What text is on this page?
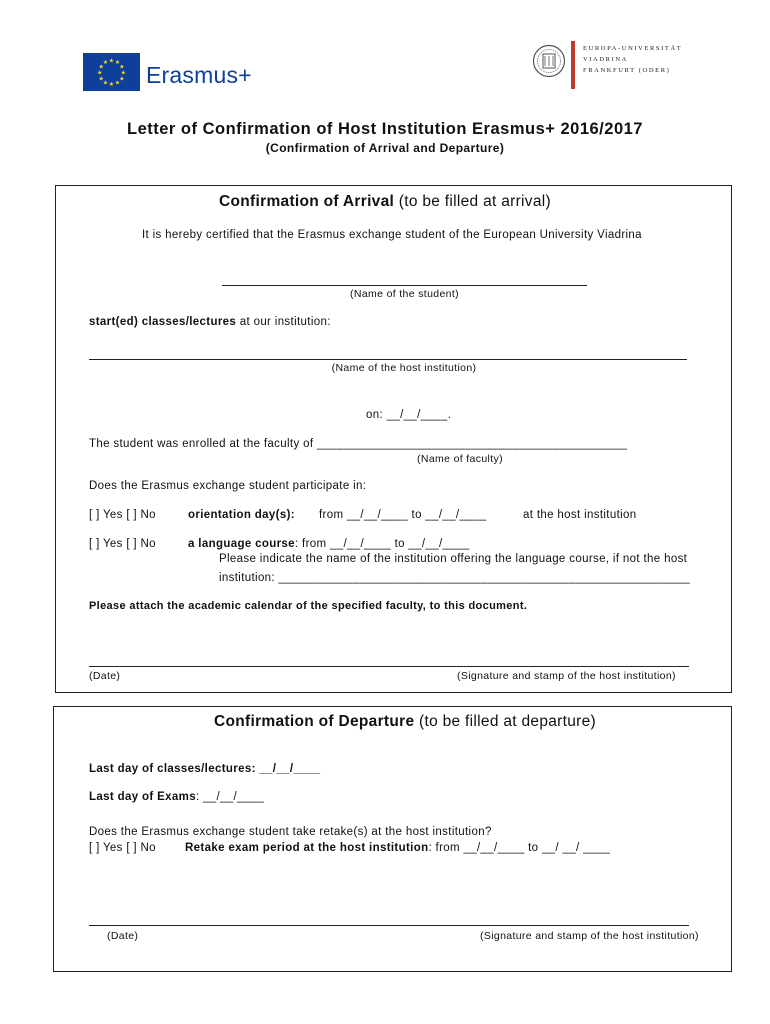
★ ★
★
★
★
★
★
★
★
★
★
★ Erasmus+
EUROPA-UNIVERSITÄT
VIADRINA
FRANKFURT (ODER)
Letter of Confirmation of Host Institution Erasmus+ 2016/2017
(Confirmation of Arrival and Departure)
Confirmation of Arrival (to be filled at arrival)
It is hereby certified that the Erasmus exchange student of the European University Viadrina
(Name of the student)
start(ed) classes/lectures at our institution:
(Name of the host institution)
on: __/__/____.
The student was enrolled at the faculty of ______________________________________________
(Name of faculty)
Does the Erasmus exchange student participate in:
[ ] Yes [ ] No	orientation day(s): from __/__/____ to __/__/____	at the host institution
[ ] Yes [ ] No	a language course: from __/__/____ to __/__/____
Please indicate the name of the institution offering the language course, if not the host
institution: _____________________________________________________________
Please attach the academic calendar of the specified faculty, to this document.
(Date)	(Signature and stamp of the host institution)
Confirmation of Departure (to be filled at departure)
Last day of classes/lectures: __/__/____
Last day of Exams: __/__/____
Does the Erasmus exchange student take retake(s) at the host institution?
[ ] Yes [ ] No	Retake exam period at the host institution: from __/__/____ to __/ __/ ____
(Date)	(Signature and stamp of the host institution)
